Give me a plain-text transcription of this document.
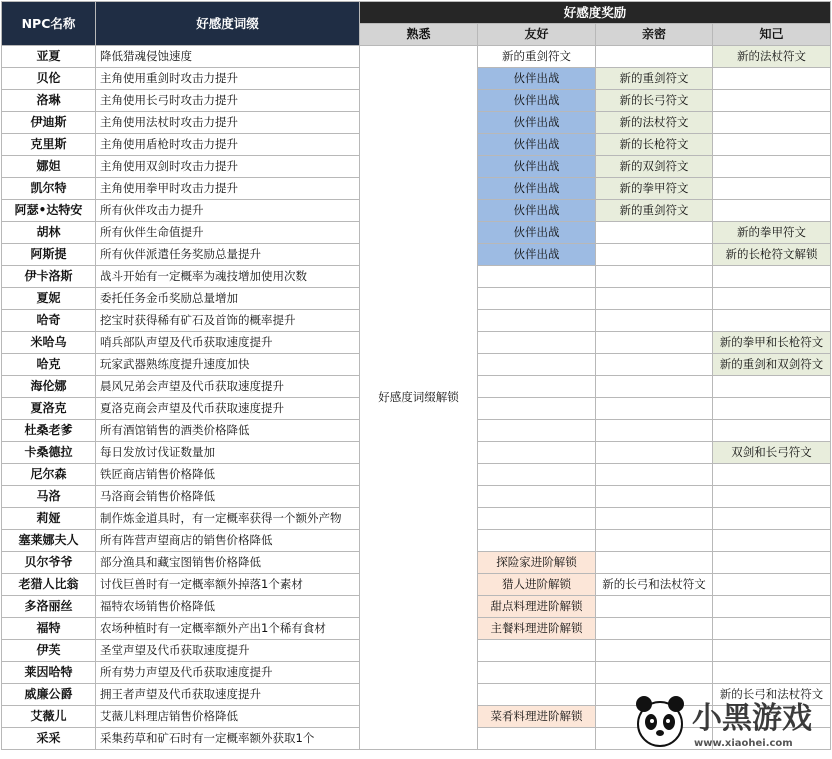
NPC名称	好感度词缀	好感度奖励			
		熟悉	友好	亲密	知己
亚夏	降低猎魂侵蚀速度	好感度词缀解锁	新的重剑符文		新的法杖符文
贝伦	主角使用重剑时攻击力提升		伙伴出战	新的重剑符文	
洛琳	主角使用长弓时攻击力提升		伙伴出战	新的长弓符文	
伊迪斯	主角使用法杖时攻击力提升		伙伴出战	新的法杖符文	
克里斯	主角使用盾枪时攻击力提升		伙伴出战	新的长枪符文	
娜妲	主角使用双剑时攻击力提升		伙伴出战	新的双剑符文	
凯尔特	主角使用拳甲时攻击力提升		伙伴出战	新的拳甲符文	
阿瑟•达特安	所有伙伴攻击力提升		伙伴出战	新的重剑符文	
胡林	所有伙伴生命值提升		伙伴出战		新的拳甲符文
阿斯提	所有伙伴派遣任务奖励总量提升		伙伴出战		新的长枪符文解锁
伊卡洛斯	战斗开始有一定概率为魂技增加使用次数				
夏妮	委托任务金币奖励总量增加				
哈奇	挖宝时获得稀有矿石及首饰的概率提升				
米哈乌	哨兵部队声望及代币获取速度提升				新的拳甲和长枪符文
哈克	玩家武器熟练度提升速度加快				新的重剑和双剑符文
海伦娜	晨风兄弟会声望及代币获取速度提升				
夏洛克	夏洛克商会声望及代币获取速度提升				
杜桑老爹	所有酒馆销售的酒类价格降低				
卡桑德拉	每日发放讨伐证数量加				双剑和长弓符文
尼尔森	铁匠商店销售价格降低				
马洛	马洛商会销售价格降低				
莉娅	制作炼金道具时，有一定概率获得一个额外产物				
塞莱娜夫人	所有阵营声望商店的销售价格降低				
贝尔爷爷	部分渔具和藏宝图销售价格降低		探险家进阶解锁		
老猎人比翁	讨伐巨兽时有一定概率额外掉落1个素材		猎人进阶解锁	新的长弓和法杖符文	
多洛丽丝	福特农场销售价格降低		甜点料理进阶解锁		
福特	农场种植时有一定概率额外产出1个稀有食材		主餐料理进阶解锁		
伊芙	圣堂声望及代币获取速度提升				
莱因哈特	所有势力声望及代币获取速度提升				
威廉公爵	拥王者声望及代币获取速度提升				新的长弓和法杖符文
艾薇儿	艾薇儿料理店销售价格降低		菜肴料理进阶解锁		
采采	采集药草和矿石时有一定概率额外获取1个				
小黑游戏
www.xiaohei.com
